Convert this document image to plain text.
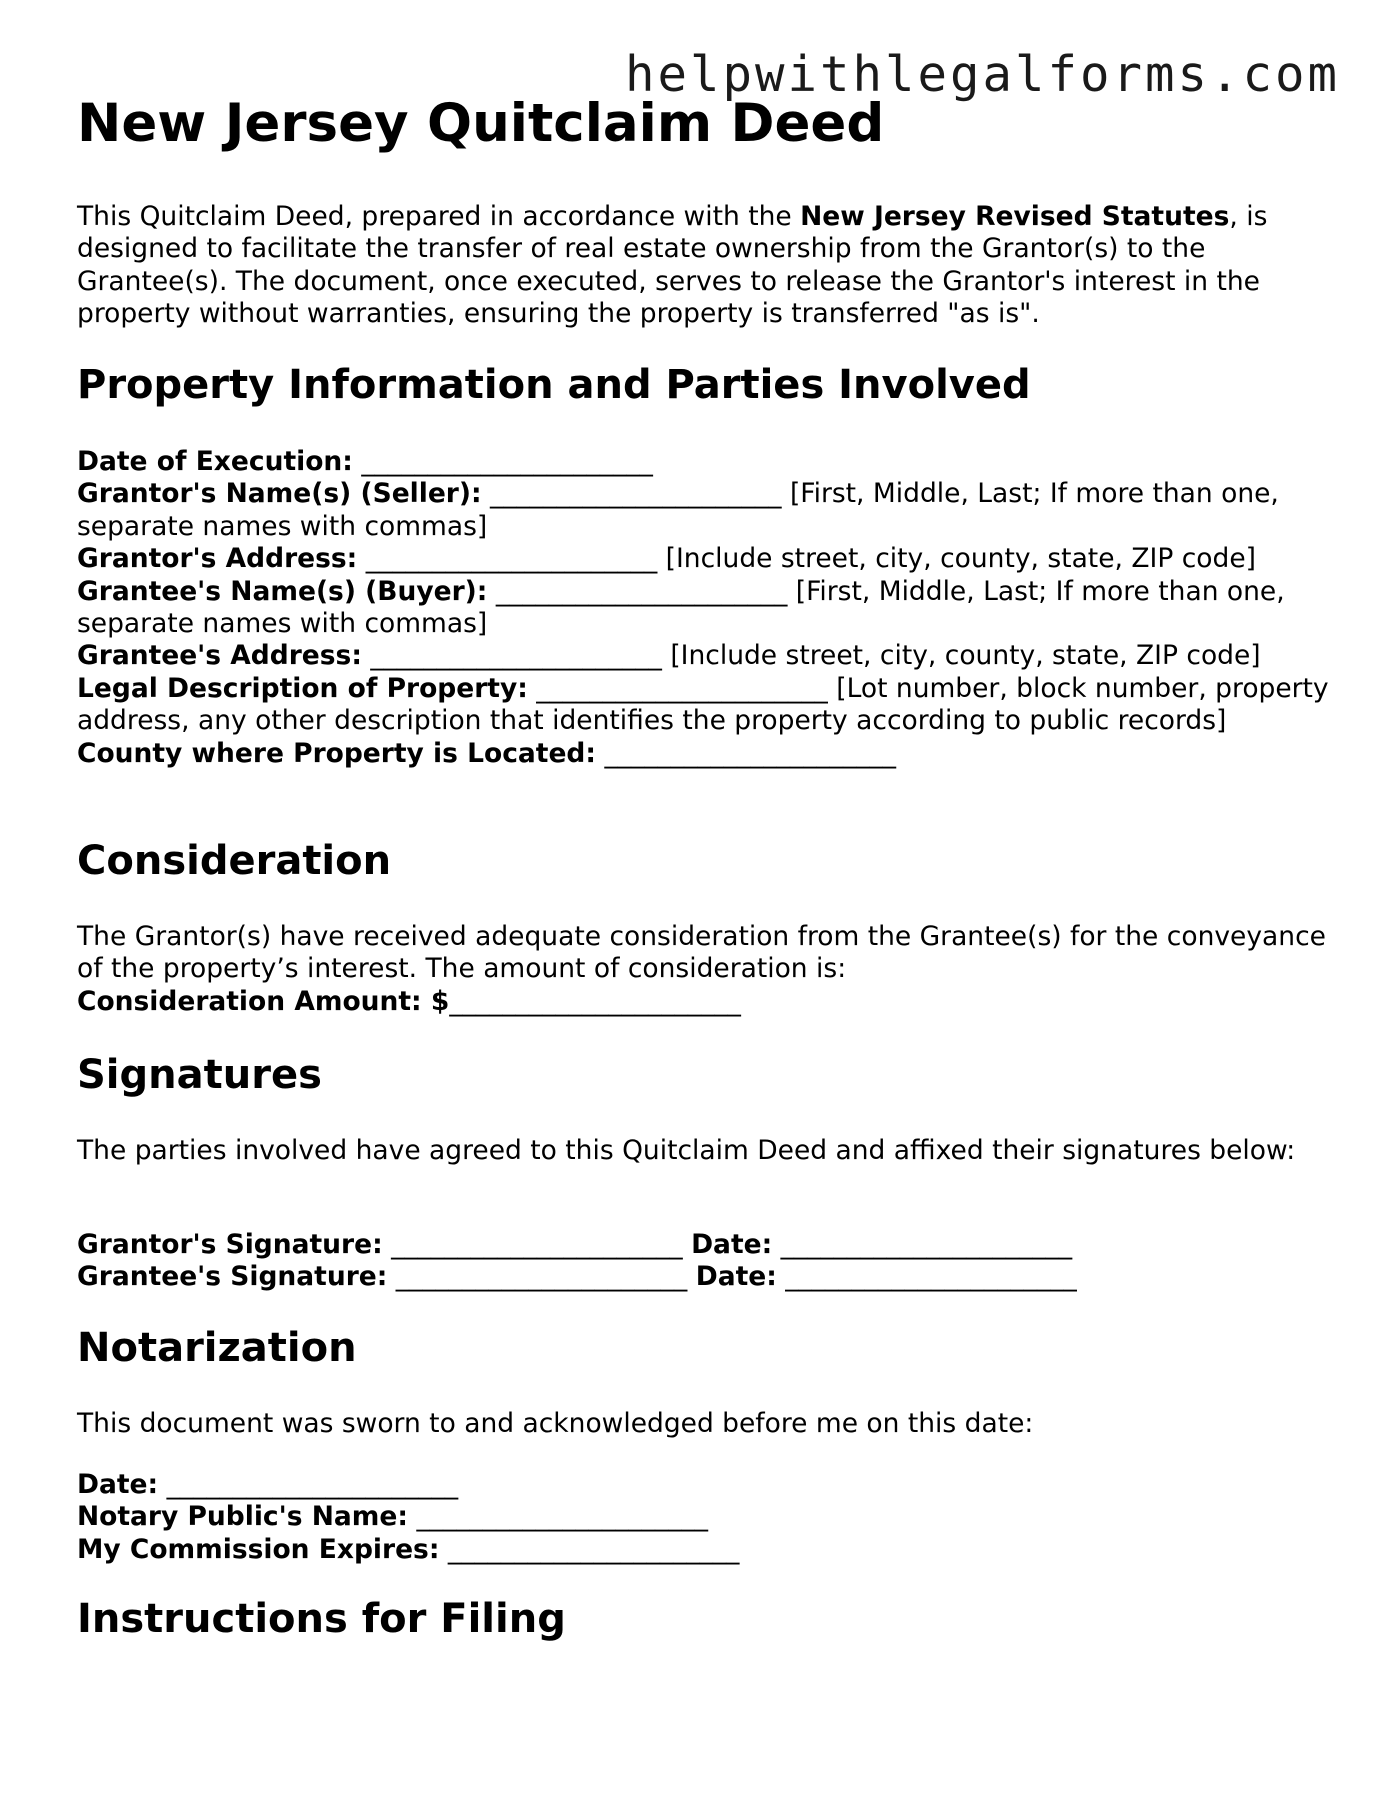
helpwithlegalforms.com
New Jersey Quitclaim Deed

This Quitclaim Deed, prepared in accordance with the New Jersey Revised Statutes, is designed to facilitate the transfer of real estate ownership from the Grantor(s) to the Grantee(s). The document, once executed, serves to release the Grantor's interest in the property without warranties, ensuring the property is transferred "as is".

Property Information and Parties Involved
Date of Execution: ______________________
Grantor's Name(s) (Seller): ______________________ [First, Middle, Last; If more than one, separate names with commas]
Grantor's Address: ______________________ [Include street, city, county, state, ZIP code]
Grantee's Name(s) (Buyer): ______________________ [First, Middle, Last; If more than one, separate names with commas]
Grantee's Address: ______________________ [Include street, city, county, state, ZIP code]
Legal Description of Property: ______________________ [Lot number, block number, property address, any other description that identifies the property according to public records]
County where Property is Located: ______________________
Consideration
The Grantor(s) have received adequate consideration from the Grantee(s) for the conveyance of the property’s interest. The amount of consideration is:
Consideration Amount: $______________________
Signatures

The parties involved have agreed to this Quitclaim Deed and affixed their signatures below:

Grantor's Signature: ______________________ Date: ______________________
Grantee's Signature: ______________________ Date: ______________________
Notarization

This document was sworn to and acknowledged before me on this date:

Date: ______________________
Notary Public's Name: ______________________
My Commission Expires: ______________________
Instructions for Filing
